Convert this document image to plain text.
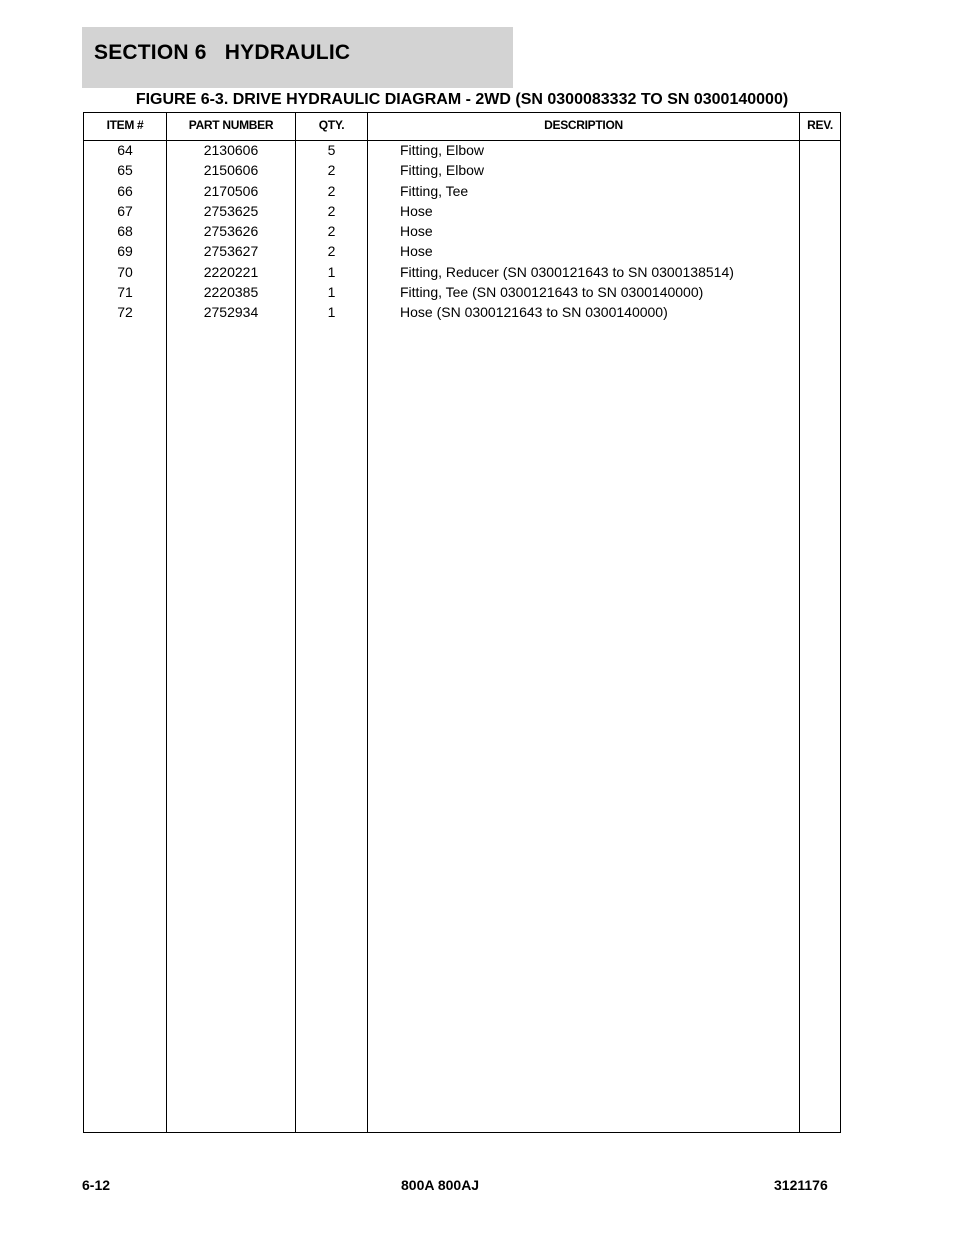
SECTION 6   HYDRAULIC
FIGURE 6-3. DRIVE HYDRAULIC DIAGRAM - 2WD (SN 0300083332 TO SN 0300140000)
ITEM #	PART NUMBER	QTY.	DESCRIPTION	REV.
64	2130606	5	Fitting, Elbow
65	2150606	2	Fitting, Elbow
66	2170506	2	Fitting, Tee
67	2753625	2	Hose
68	2753626	2	Hose
69	2753627	2	Hose
70	2220221	1	Fitting, Reducer (SN 0300121643 to SN 0300138514)
71	2220385	1	Fitting, Tee (SN 0300121643 to SN 0300140000)
72	2752934	1	Hose (SN 0300121643 to SN 0300140000)
6-12	800A 800AJ	3121176
